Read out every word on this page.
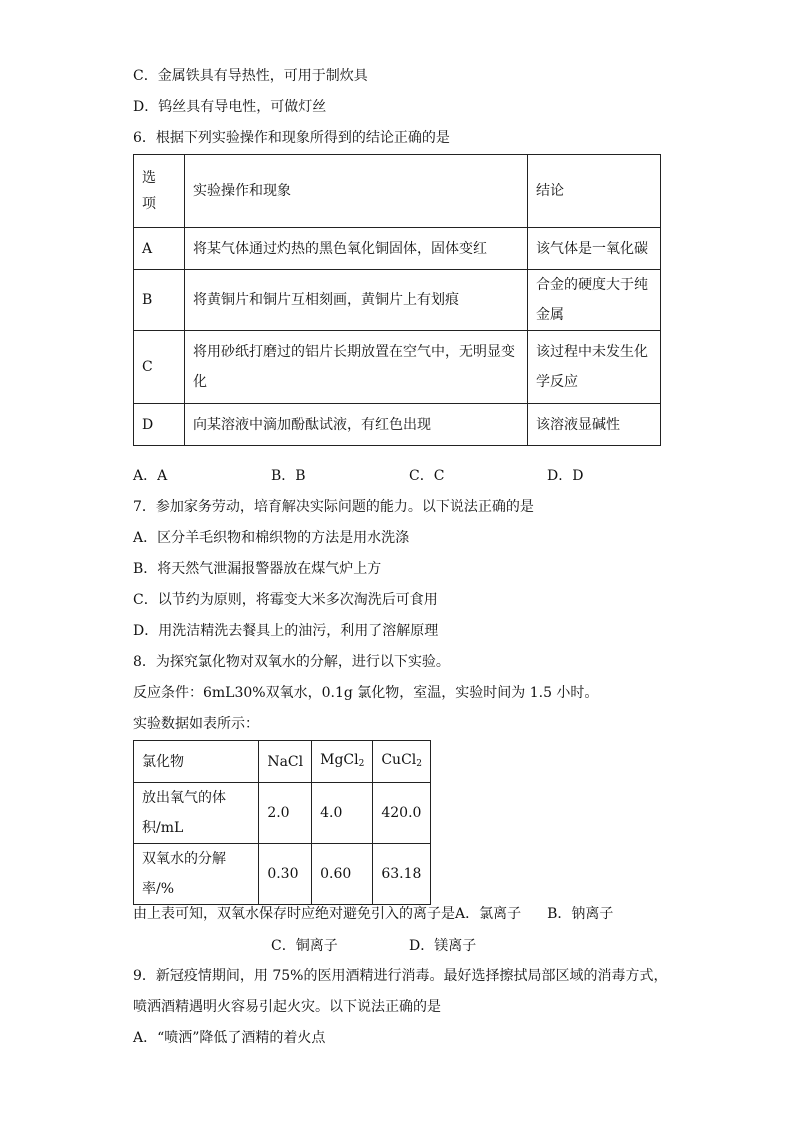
C．金属铁具有导热性，可用于制炊具
D．钨丝具有导电性，可做灯丝
6．根据下列实验操作和现象所得到的结论正确的是
选项	实验操作和现象	结论
A	将某气体通过灼热的黑色氧化铜固体，固体变红	该气体是一氧化碳
B	将黄铜片和铜片互相刻画，黄铜片上有划痕	合金的硬度大于纯金属
C	将用砂纸打磨过的铝片长期放置在空气中，无明显变化	该过程中未发生化学反应
D	向某溶液中滴加酚酞试液，有红色出现	该溶液显碱性
A．A	B．B	C．C	D．D
7．参加家务劳动，培育解决实际问题的能力。以下说法正确的是
A．区分羊毛织物和棉织物的方法是用水洗涤
B．将天然气泄漏报警器放在煤气炉上方
C．以节约为原则，将霉变大米多次淘洗后可食用
D．用洗洁精洗去餐具上的油污，利用了溶解原理
8．为探究氯化物对双氧水的分解，进行以下实验。
反应条件：6mL30%双氧水，0.1g 氯化物，室温，实验时间为 1.5 小时。
实验数据如表所示：
氯化物	NaCl	MgCl$_2$	CuCl$_2$
放出氧气的体积/mL	2.0	4.0	420.0
双氧水的分解率/%	0.30	0.60	63.18
由上表可知，双氧水保存时应绝对避免引入的离子是A．氯离子 B．钠离子
C．铜离子	D．镁离子
9．新冠疫情期间，用 75%的医用酒精进行消毒。最好选择擦拭局部区域的消毒方式，
喷洒酒精遇明火容易引起火灾。以下说法正确的是
A．“喷洒”降低了酒精的着火点
